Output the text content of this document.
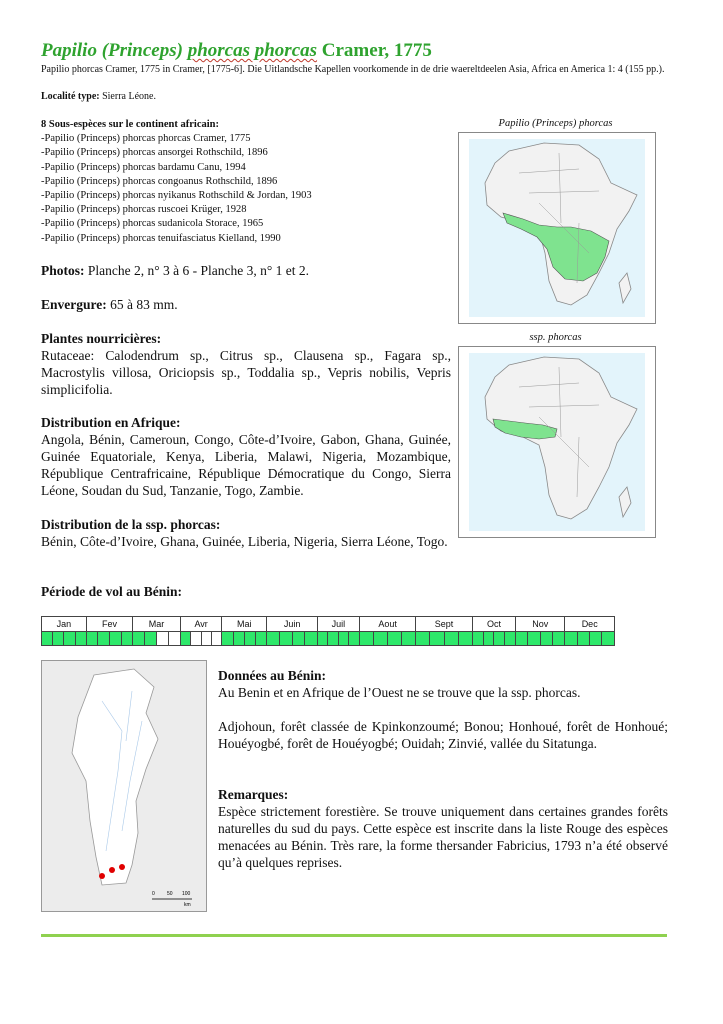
Papilio (Princeps) phorcas phorcas Cramer, 1775
Papilio phorcas Cramer, 1775 in Cramer, [1775-6]. Die Uitlandsche Kapellen voorkomende in de drie waereltdeelen Asia, Africa en America 1: 4 (155 pp.).
Localité type: Sierra Léone.
8 Sous-espèces sur le continent africain:
-Papilio (Princeps) phorcas phorcas Cramer, 1775
-Papilio (Princeps) phorcas ansorgei Rothschild, 1896
-Papilio (Princeps) phorcas bardamu Canu, 1994
-Papilio (Princeps) phorcas congoanus Rothschild, 1896
-Papilio (Princeps) phorcas nyikanus Rothschild & Jordan, 1903
-Papilio (Princeps) phorcas ruscoei Krüger, 1928
-Papilio (Princeps) phorcas sudanicola Storace, 1965
-Papilio (Princeps) phorcas tenuifasciatus Kielland, 1990
Photos: Planche 2, n° 3 à 6 - Planche 3, n° 1 et 2.
Envergure: 65 à 83 mm.
Plantes nourricières:
Rutaceae: Calodendrum sp., Citrus sp., Clausena sp., Fagara sp., Macrostylis villosa, Oriciopsis sp., Toddalia sp., Vepris nobilis, Vepris simplicifolia.
Distribution en Afrique:
Angola, Bénin, Cameroun, Congo, Côte-d’Ivoire, Gabon, Ghana, Guinée, Guinée Equatoriale, Kenya, Liberia, Malawi, Nigeria, Mozambique, République Centrafricaine, République Démocratique du Congo, Sierra Léone, Soudan du Sud, Tanzanie, Togo, Zambie.
Distribution de la ssp. phorcas:
Bénin, Côte-d’Ivoire, Ghana, Guinée, Liberia, Nigeria, Sierra Léone, Togo.
Papilio (Princeps) phorcas
ssp. phorcas
Période de vol au Bénin:
Jan				Fev				Mar				Avr				Mai				Juin				Juil				Aout				Sept				Oct				Nov				Dec			

0 50 100
km
Données au Bénin:
Au Benin et en Afrique de l’Ouest ne se trouve que la ssp. phorcas.
Adjohoun, forêt classée de Kpinkonzoumé; Bonou; Honhoué, forêt de Honhoué; Houéyogbé, forêt de Houéyogbé; Ouidah; Zinvié, vallée du Sitatunga.
Remarques:
Espèce strictement forestière. Se trouve uniquement dans certaines grandes forêts naturelles du sud du pays. Cette espèce est inscrite dans la liste Rouge des espèces menacées au Bénin. Très rare, la forme thersander Fabricius, 1793 n’a été observé qu’à quelques reprises.
